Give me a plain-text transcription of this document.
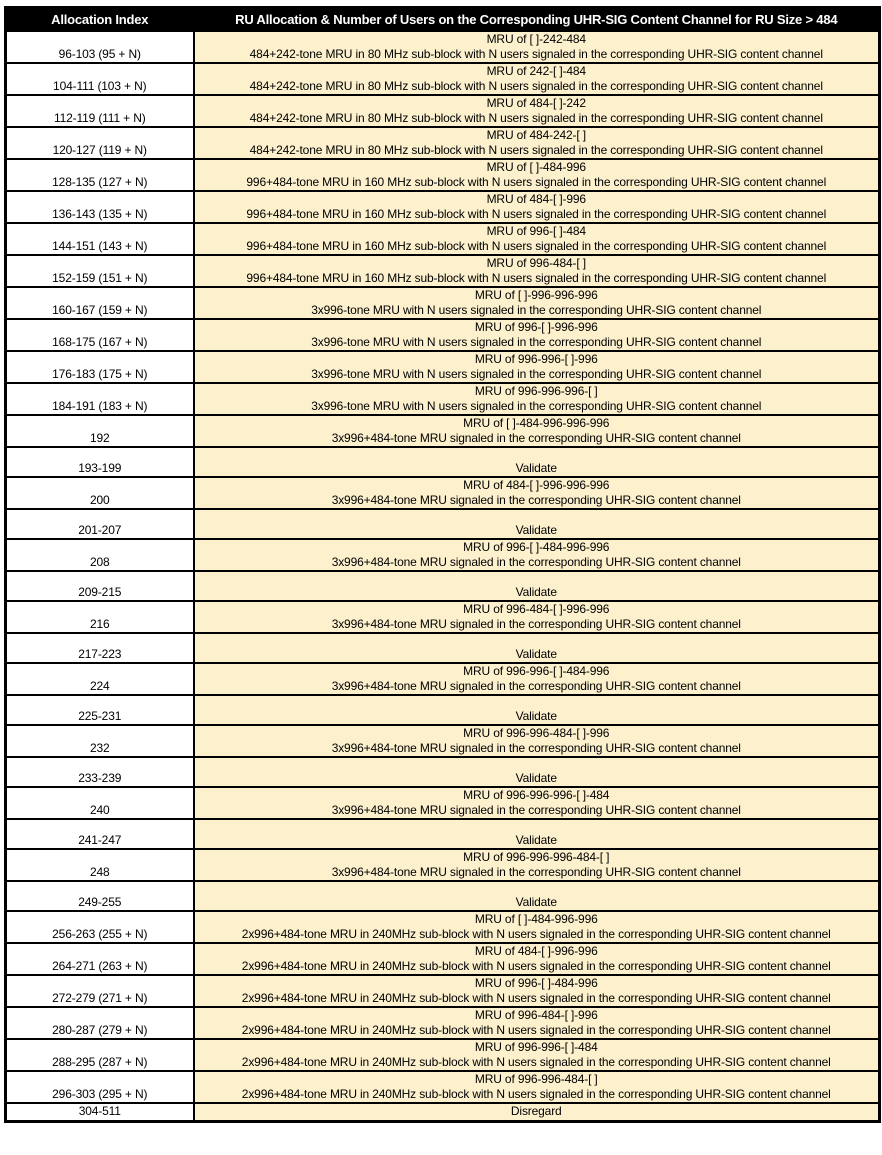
Allocation Index	RU Allocation & Number of Users on the Corresponding UHR-SIG Content Channel for RU Size > 484
96-103 (95 + N)	MRU of [ ]-242-484
484+242-tone MRU in 80 MHz sub-block with N users signaled in the corresponding UHR-SIG content channel

104-111 (103 + N)	MRU of 242-[ ]-484
484+242-tone MRU in 80 MHz sub-block with N users signaled in the corresponding UHR-SIG content channel

112-119 (111 + N)	MRU of 484-[ ]-242
484+242-tone MRU in 80 MHz sub-block with N users signaled in the corresponding UHR-SIG content channel

120-127 (119 + N)	MRU of 484-242-[ ]
484+242-tone MRU in 80 MHz sub-block with N users signaled in the corresponding UHR-SIG content channel

128-135 (127 + N)	MRU of [ ]-484-996
996+484-tone MRU in 160 MHz sub-block with N users signaled in the corresponding UHR-SIG content channel

136-143 (135 + N)	MRU of 484-[ ]-996
996+484-tone MRU in 160 MHz sub-block with N users signaled in the corresponding UHR-SIG content channel

144-151 (143 + N)	MRU of 996-[ ]-484
996+484-tone MRU in 160 MHz sub-block with N users signaled in the corresponding UHR-SIG content channel

152-159 (151 + N)	MRU of 996-484-[ ]
996+484-tone MRU in 160 MHz sub-block with N users signaled in the corresponding UHR-SIG content channel

160-167 (159 + N)	MRU of [ ]-996-996-996
3x996-tone MRU with N users signaled in the corresponding UHR-SIG content channel

168-175 (167 + N)	MRU of 996-[ ]-996-996
3x996-tone MRU with N users signaled in the corresponding UHR-SIG content channel

176-183 (175 + N)	MRU of 996-996-[ ]-996
3x996-tone MRU with N users signaled in the corresponding UHR-SIG content channel

184-191 (183 + N)	MRU of 996-996-996-[ ]
3x996-tone MRU with N users signaled in the corresponding UHR-SIG content channel

192	MRU of [ ]-484-996-996-996
3x996+484-tone MRU signaled in the corresponding UHR-SIG content channel

193-199	Validate
200	MRU of 484-[ ]-996-996-996
3x996+484-tone MRU signaled in the corresponding UHR-SIG content channel

201-207	Validate
208	MRU of 996-[ ]-484-996-996
3x996+484-tone MRU signaled in the corresponding UHR-SIG content channel

209-215	Validate
216	MRU of 996-484-[ ]-996-996
3x996+484-tone MRU signaled in the corresponding UHR-SIG content channel

217-223	Validate
224	MRU of 996-996-[ ]-484-996
3x996+484-tone MRU signaled in the corresponding UHR-SIG content channel

225-231	Validate
232	MRU of 996-996-484-[ ]-996
3x996+484-tone MRU signaled in the corresponding UHR-SIG content channel

233-239	Validate
240	MRU of 996-996-996-[ ]-484
3x996+484-tone MRU signaled in the corresponding UHR-SIG content channel

241-247	Validate
248	MRU of 996-996-996-484-[ ]
3x996+484-tone MRU signaled in the corresponding UHR-SIG content channel

249-255	Validate
256-263 (255 + N)	MRU of [ ]-484-996-996
2x996+484-tone MRU in 240MHz sub-block with N users signaled in the corresponding UHR-SIG content channel

264-271 (263 + N)	MRU of 484-[ ]-996-996
2x996+484-tone MRU in 240MHz sub-block with N users signaled in the corresponding UHR-SIG content channel

272-279 (271 + N)	MRU of 996-[ ]-484-996
2x996+484-tone MRU in 240MHz sub-block with N users signaled in the corresponding UHR-SIG content channel

280-287 (279 + N)	MRU of 996-484-[ ]-996
2x996+484-tone MRU in 240MHz sub-block with N users signaled in the corresponding UHR-SIG content channel

288-295 (287 + N)	MRU of 996-996-[ ]-484
2x996+484-tone MRU in 240MHz sub-block with N users signaled in the corresponding UHR-SIG content channel

296-303 (295 + N)	MRU of 996-996-484-[ ]
2x996+484-tone MRU in 240MHz sub-block with N users signaled in the corresponding UHR-SIG content channel

304-511	Disregard
